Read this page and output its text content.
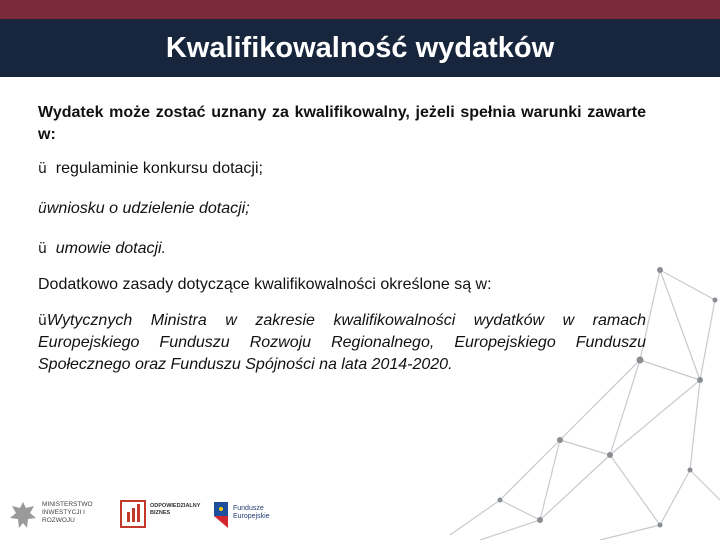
Kwalifikowalność wydatków

Wydatek może zostać uznany za kwalifikowalny, jeżeli spełnia warunki zawarte w:

ü regulaminie konkursu dotacji;

üwniosku o udzielenie dotacji;

ü umowie dotacji.

Dodatkowo zasady dotyczące kwalifikowalności określone są w:

üWytycznych Ministra w zakresie kwalifikowalności wydatków w ramach Europejskiego Funduszu Rozwoju Regionalnego, Europejskiego Funduszu Społecznego oraz Funduszu Spójności na lata 2014-2020.

MINISTERSTWO INWESTYCJI I ROZWOJU
ODPOWIEDZIALNY BIZNES
Fundusze Europejskie
